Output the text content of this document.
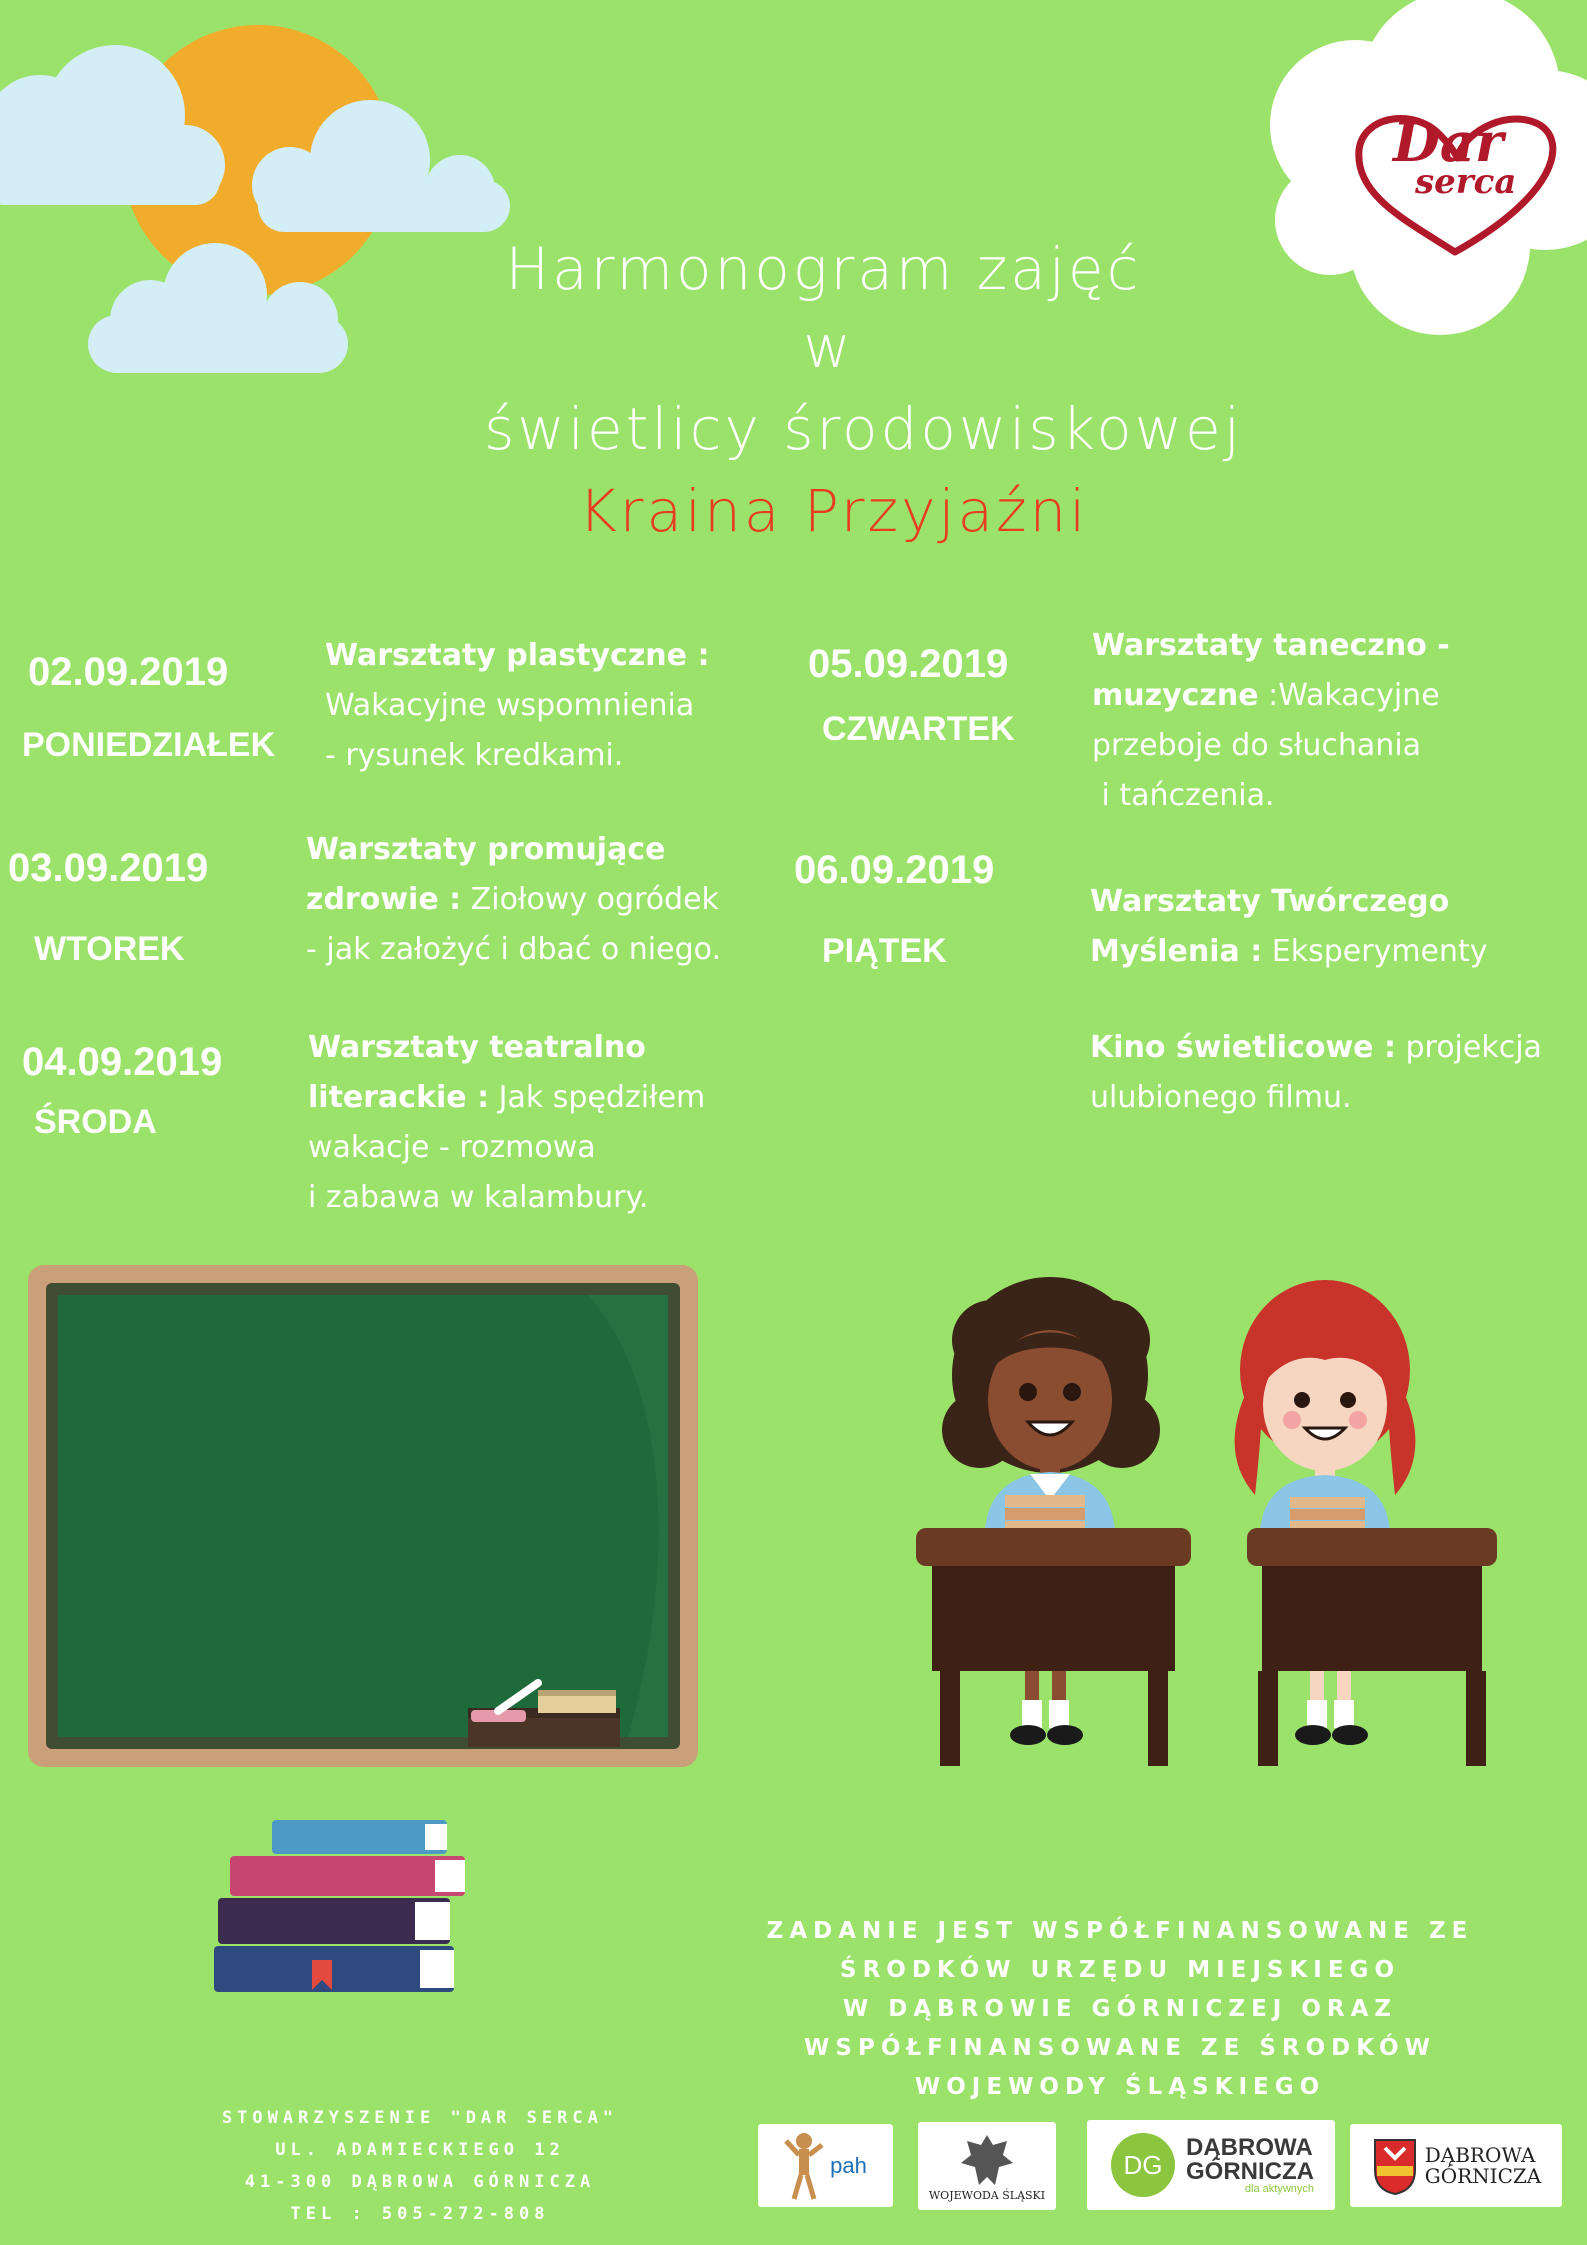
Dar
serca
Harmonogram zajęć
w
świetlicy środowiskowej
Kraina Przyjaźni
02.09.2019
PONIEDZIAŁEK
Warsztaty plastyczne :
Wakacyjne wspomnienia
- rysunek kredkami.
03.09.2019
WTOREK
Warsztaty promujące
zdrowie : Ziołowy ogródek
- jak założyć i dbać o niego.
04.09.2019
ŚRODA
Warsztaty teatralno
literackie : Jak spędziłem
wakacje - rozmowa
i zabawa w kalambury.
05.09.2019
CZWARTEK
Warsztaty taneczno -
muzyczne :Wakacyjne
przeboje do słuchania
i tańczenia.
06.09.2019
PIĄTEK
Warsztaty Twórczego
Myślenia : Eksperymenty
Kino świetlicowe : projekcja
ulubionego filmu.
ZADANIE JEST WSPÓŁFINANSOWANE ZE
ŚRODKÓW URZĘDU MIEJSKIEGO
W DĄBROWIE GÓRNICZEJ ORAZ
WSPÓŁFINANSOWANE ZE ŚRODKÓW
WOJEWODY ŚLĄSKIEGO
STOWARZYSZENIE "DAR SERCA"
UL. ADAMIECKIEGO 12
41-300 DĄBROWA GÓRNICZA
TEL : 505-272-808
pah
WOJEWODA ŚLĄSKI
DG
DĄBROWA
GÓRNICZA
dla aktywnych
DĄBROWA
GÓRNICZA
